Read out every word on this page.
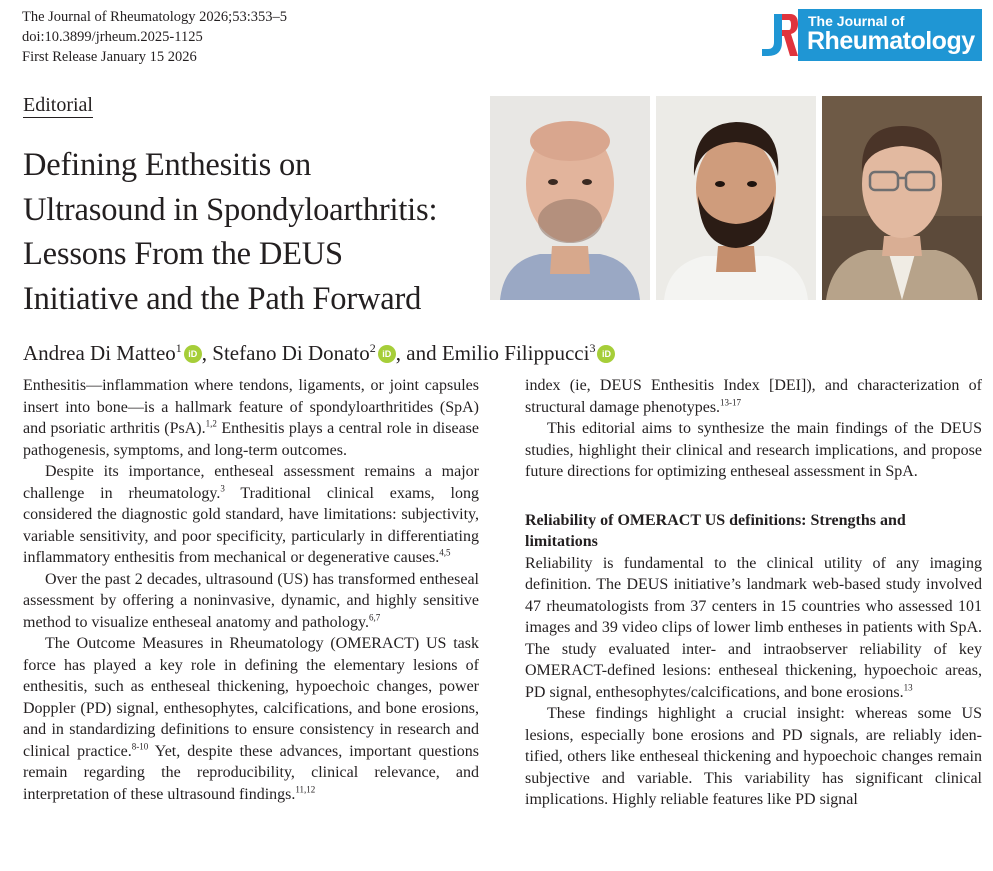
The Journal of Rheumatology 2026;53:353–5
doi:10.3899/jrheum.2025-1125
First Release January 15 2026
The Journal of
Rheumatology
Editorial
Defining Enthesitis on
Ultrasound in Spondyloarthritis:
Lessons From the DEUS
Initiative and the Path Forward
Andrea Di Matteo$^1$ iD , Stefano Di Donato$^2$ iD , and Emilio Filippucci$^3$ iD

Enthesitis—inflammation where tendons, ligaments, or joint capsules insert into bone—is a hallmark feature of spondyloarthritides (SpA) and psoriatic arthritis (PsA).$^{1,2}$ Enthesitis plays a central role in disease pathogenesis, symptoms, and long-term outcomes.

Despite its importance, entheseal assessment remains a major challenge in rheumatology.$^3$ Traditional clinical exams, long considered the diagnostic gold standard, have limitations: subjectivity, variable sensitivity, and poor specificity, particularly in differentiating inflammatory enthesitis from mechanical or degenerative causes.$^{4,5}$

Over the past 2 decades, ultrasound (US) has transformed entheseal assessment by offering a noninvasive, dynamic, and highly sensitive method to visualize entheseal anatomy and pathology.$^{6,7}$

The Outcome Measures in Rheumatology (OMERACT) US task force has played a key role in defining the elementary lesions of enthesitis, such as entheseal thickening, hypoechoic changes, power Doppler (PD) signal, enthesophytes, calcifications, and bone erosions, and in standardizing definitions to ensure consistency in research and clinical practice.$^{8-10}$ Yet, despite these advances, important questions remain regarding the reproducibility, clinical relevance, and interpretation of these ultrasound findings.$^{11,12}$

index (ie, DEUS Enthesitis Index [DEI]), and characterization of structural damage phenotypes.$^{13-17}$

This editorial aims to synthesize the main findings of the DEUS studies, highlight their clinical and research implications, and propose future directions for optimizing entheseal assessment in SpA.

Reliability of OMERACT US definitions: Strengths and limitations

Reliability is fundamental to the clinical utility of any imaging definition. The DEUS initiative’s landmark web-based study involved 47 rheumatologists from 37 centers in 15 countries who assessed 101 images and 39 video clips of lower limb entheses in patients with SpA. The study evaluated inter- and intraobserver reliability of key OMERACT-defined lesions: entheseal thickening, hypoechoic areas, PD signal, enthesophytes/calcifications, and bone erosions.$^{13}$

These findings highlight a crucial insight: whereas some US lesions, especially bone erosions and PD signals, are reliably identified, others like entheseal thickening and hypoechoic changes remain subjective and variable. This variability has significant clinical implications. Highly reliable features like PD signal
